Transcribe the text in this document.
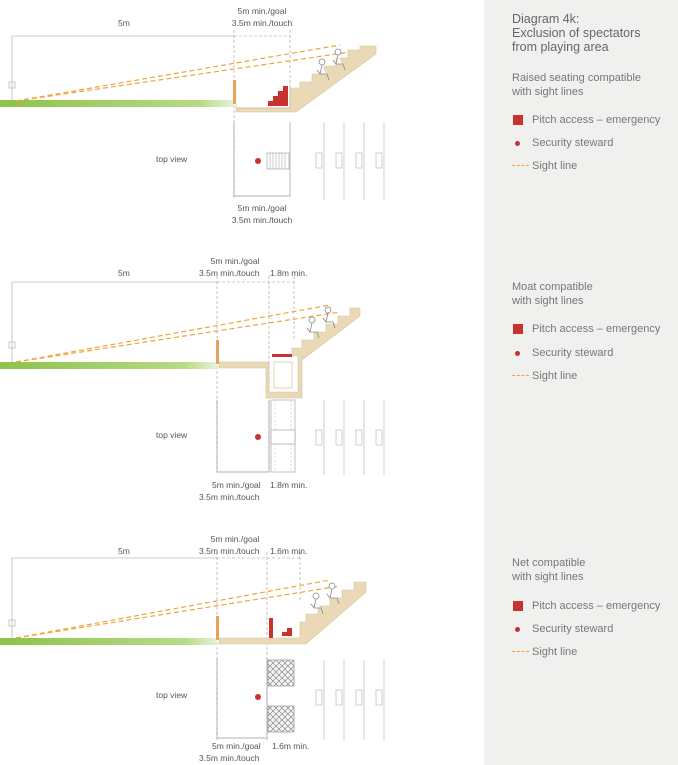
5m
5m min./goal
3.5m min./touch
top view
5m min./goal
3.5m min./touch
5m
5m min./goal
3.5m min./touch 1.8m min.
top view
5m min./goal 1.8m min.
3.5m min./touch
5m
5m min./goal
3.5m min./touch 1.6m min.
top view
5m min./goal 1.6m min.
3.5m min./touch
Diagram 4k:
Exclusion of spectators
from playing area
Raised seating compatible
with sight lines
Pitch access – emergency
Security steward
Sight line
Moat compatible
with sight lines
Pitch access – emergency
Security steward
Sight line
Net compatible
with sight lines
Pitch access – emergency
Security steward
Sight line
